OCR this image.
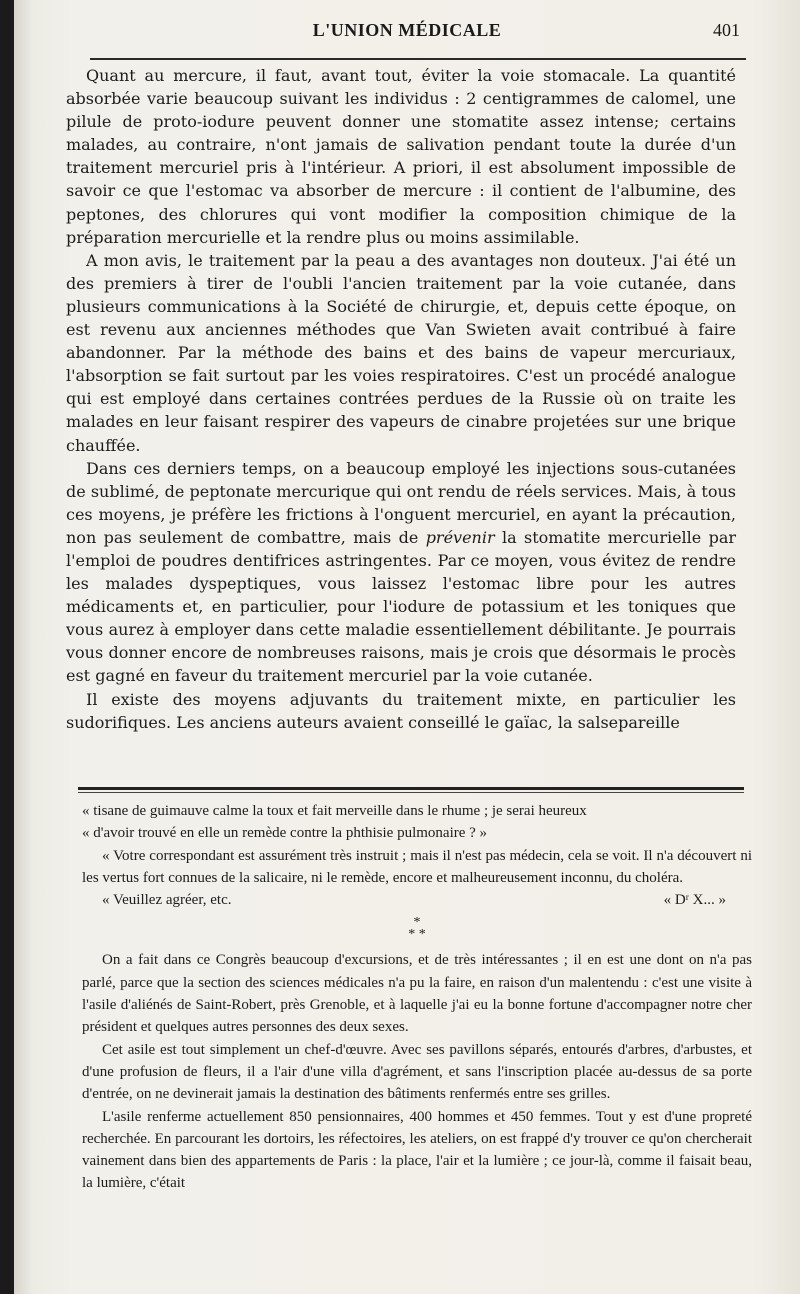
L'UNION MÉDICALE	401

Quant au mercure, il faut, avant tout, éviter la voie stomacale. La quantité absorbée varie beaucoup suivant les individus : 2 centigrammes de calomel, une pilule de proto-iodure peuvent donner une stomatite assez intense; certains malades, au contraire, n'ont jamais de salivation pendant toute la durée d'un traitement mercuriel pris à l'intérieur. A priori, il est absolument impossible de savoir ce que l'estomac va absorber de mercure : il contient de l'albumine, des peptones, des chlorures qui vont modifier la composition chimique de la préparation mercurielle et la rendre plus ou moins assimilable.

A mon avis, le traitement par la peau a des avantages non douteux. J'ai été un des premiers à tirer de l'oubli l'ancien traitement par la voie cutanée, dans plusieurs communications à la Société de chirurgie, et, depuis cette époque, on est revenu aux anciennes méthodes que Van Swieten avait contribué à faire abandonner. Par la méthode des bains et des bains de vapeur mercuriaux, l'absorption se fait surtout par les voies respiratoires. C'est un procédé analogue qui est employé dans certaines contrées perdues de la Russie où on traite les malades en leur faisant respirer des vapeurs de cinabre projetées sur une brique chauffée.

Dans ces derniers temps, on a beaucoup employé les injections sous-cutanées de sublimé, de peptonate mercurique qui ont rendu de réels services. Mais, à tous ces moyens, je préfère les frictions à l'onguent mercuriel, en ayant la précaution, non pas seulement de combattre, mais de prévenir la stomatite mercurielle par l'emploi de poudres dentifrices astringentes. Par ce moyen, vous évitez de rendre les malades dyspeptiques, vous laissez l'estomac libre pour les autres médicaments et, en particulier, pour l'iodure de potassium et les toniques que vous aurez à employer dans cette maladie essentiellement débilitante. Je pourrais vous donner encore de nombreuses raisons, mais je crois que désormais le procès est gagné en faveur du traitement mercuriel par la voie cutanée.

Il existe des moyens adjuvants du traitement mixte, en particulier les sudorifiques. Les anciens auteurs avaient conseillé le gaïac, la salsepareille

« tisane de guimauve calme la toux et fait merveille dans le rhume ; je serai heureux

« d'avoir trouvé en elle un remède contre la phthisie pulmonaire ? »

« Votre correspondant est assurément très instruit ; mais il n'est pas médecin, cela se voit. Il n'a découvert ni les vertus fort connues de la salicaire, ni le remède, encore et malheureusement inconnu, du choléra.

« Veuillez agréer, etc.	« Dʳ X... »
*
* *

On a fait dans ce Congrès beaucoup d'excursions, et de très intéressantes ; il en est une dont on n'a pas parlé, parce que la section des sciences médicales n'a pu la faire, en raison d'un malentendu : c'est une visite à l'asile d'aliénés de Saint-Robert, près Grenoble, et à laquelle j'ai eu la bonne fortune d'accompagner notre cher président et quelques autres personnes des deux sexes.

Cet asile est tout simplement un chef-d'œuvre. Avec ses pavillons séparés, entourés d'arbres, d'arbustes, et d'une profusion de fleurs, il a l'air d'une villa d'agrément, et sans l'inscription placée au-dessus de sa porte d'entrée, on ne devinerait jamais la destination des bâtiments renfermés entre ses grilles.

L'asile renferme actuellement 850 pensionnaires, 400 hommes et 450 femmes. Tout y est d'une propreté recherchée. En parcourant les dortoirs, les réfectoires, les ateliers, on est frappé d'y trouver ce qu'on chercherait vainement dans bien des appartements de Paris : la place, l'air et la lumière ; ce jour-là, comme il faisait beau, la lumière, c'était
